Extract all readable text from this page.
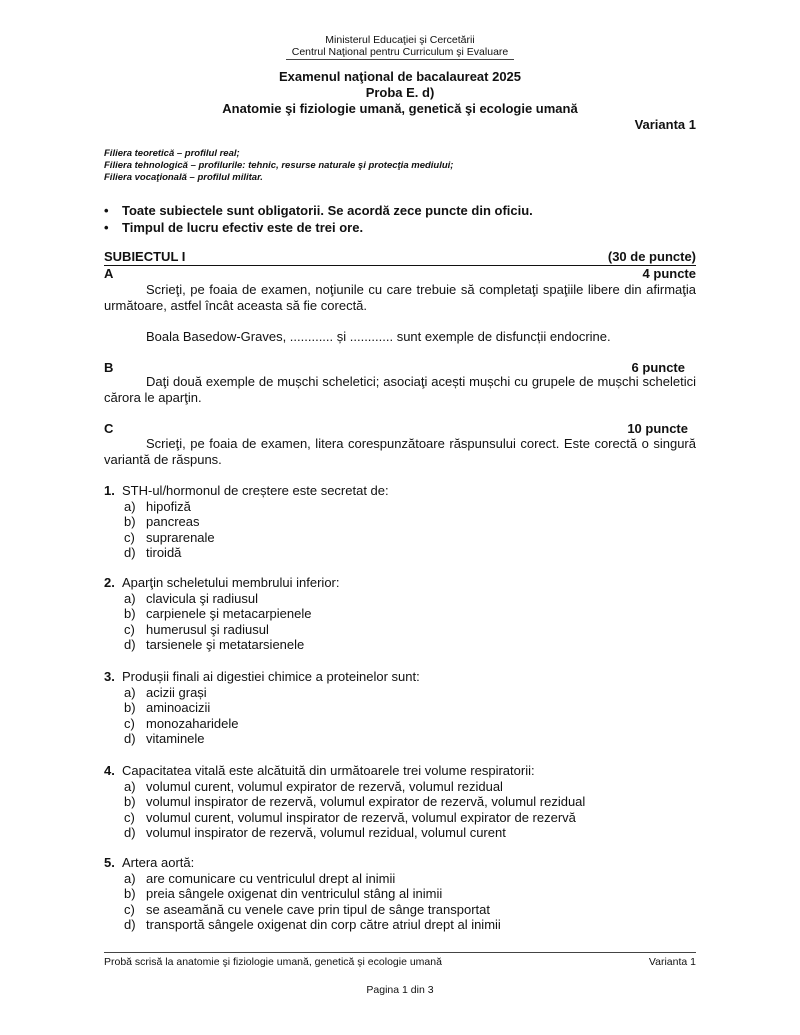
Ministerul Educaţiei şi Cercetării
Centrul Naţional pentru Curriculum şi Evaluare
Examenul naţional de bacalaureat 2025
Proba E. d)
Anatomie şi fiziologie umană, genetică şi ecologie umană
Varianta 1
Filiera teoretică – profilul real;
Filiera tehnologică – profilurile: tehnic, resurse naturale şi protecţia mediului;
Filiera vocaţională – profilul militar.
• Toate subiectele sunt obligatorii. Se acordă zece puncte din oficiu.
• Timpul de lucru efectiv este de trei ore.
SUBIECTUL I	(30 de puncte)
A	4 puncte
Scrieţi, pe foaia de examen, noţiunile cu care trebuie să completaţi spaţiile libere din afirmaţia următoare, astfel încât aceasta să fie corectă.
Boala Basedow-Graves, ............ și ............ sunt exemple de disfuncții endocrine.
B	6 puncte
Daţi două exemple de mușchi scheletici; asociaţi acești mușchi cu grupele de mușchi scheletici cărora le aparţin.
C	10 puncte
Scrieţi, pe foaia de examen, litera corespunzătoare răspunsului corect. Este corectă o singură variantă de răspuns.
1. STH-ul/hormonul de creștere este secretat de:
a) hipofiză
b) pancreas
c) suprarenale
d) tiroidă
2. Aparţin scheletului membrului inferior:
a) clavicula şi radiusul
b) carpienele şi metacarpienele
c) humerusul şi radiusul
d) tarsienele şi metatarsienele
3. Produșii finali ai digestiei chimice a proteinelor sunt:
a) acizii grași
b) aminoacizii
c) monozaharidele
d) vitaminele
4. Capacitatea vitală este alcătuită din următoarele trei volume respiratorii:
a) volumul curent, volumul expirator de rezervă, volumul rezidual
b) volumul inspirator de rezervă, volumul expirator de rezervă, volumul rezidual
c) volumul curent, volumul inspirator de rezervă, volumul expirator de rezervă
d) volumul inspirator de rezervă, volumul rezidual, volumul curent
5. Artera aortă:
a) are comunicare cu ventriculul drept al inimii
b) preia sângele oxigenat din ventriculul stâng al inimii
c) se aseamănă cu venele cave prin tipul de sânge transportat
d) transportă sângele oxigenat din corp către atriul drept al inimii
Probă scrisă la anatomie şi fiziologie umană, genetică şi ecologie umană	Varianta 1
Pagina 1 din 3
